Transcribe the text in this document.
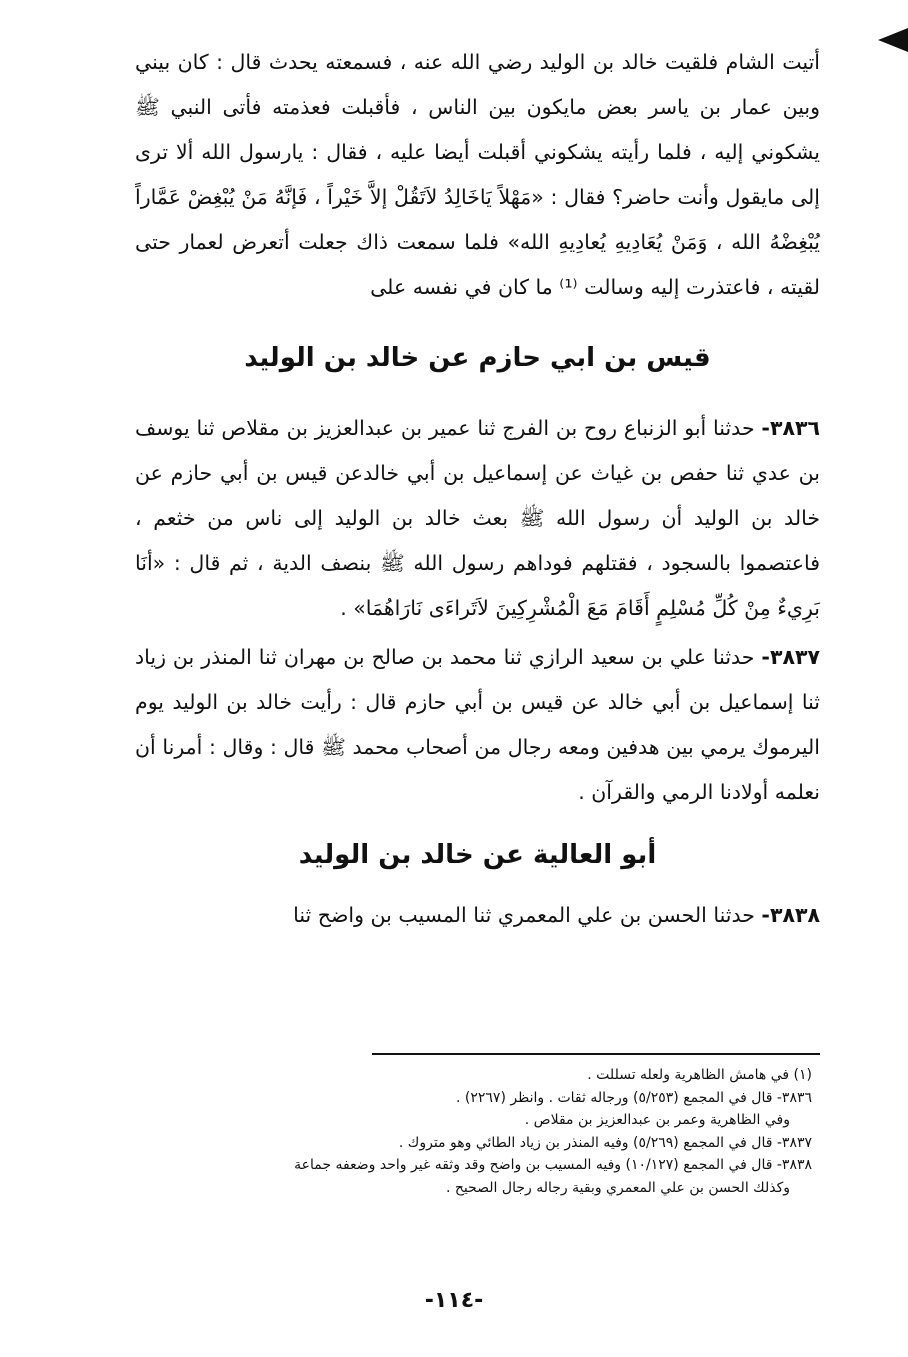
أتيت الشام فلقيت خالد بن الوليد رضي الله عنه ، فسمعته يحدث قال : كان بيني وبين عمار بن ياسر بعض مايكون بين الناس ، فأقبلت فعذمته فأتى النبي ﷺ يشكوني إليه ، فلما رأيته يشكوني أقبلت أيضا عليه ، فقال : يارسول الله ألا ترى إلى مايقول وأنت حاضر؟ فقال : «مَهْلاً يَاخَالِدُ لاَتَقُلْ إلاَّ خَيْراً ، فَإنَّهُ مَنْ يُبْغِضْ عَمَّاراً يُبْغِضْهُ الله ، وَمَنْ يُعَادِيهِ يُعادِيهِ الله» فلما سمعت ذاك جعلت أتعرض لعمار حتى لقيته ، فاعتذرت إليه وسالت ⁽¹⁾ ما كان في نفسه على

قيس بن ابي حازم عن خالد بن الوليد

٣٨٣٦- حدثنا أبو الزنباع روح بن الفرج ثنا عمير بن عبدالعزيز بن مقلاص ثنا يوسف بن عدي ثنا حفص بن غياث عن إسماعيل بن أبي خالدعن قيس بن أبي حازم عن خالد بن الوليد أن رسول الله ﷺ بعث خالد بن الوليد إلى ناس من خثعم ، فاعتصموا بالسجود ، فقتلهم فوداهم رسول الله ﷺ بنصف الدية ، ثم قال : «أنَا بَرِيءٌ مِنْ كُلِّ مُسْلِمٍ أَقَامَ مَعَ الْمُشْرِكِينَ لاَتَراءَى نَارَاهُمَا» .

٣٨٣٧- حدثنا علي بن سعيد الرازي ثنا محمد بن صالح بن مهران ثنا المنذر بن زياد ثنا إسماعيل بن أبي خالد عن قيس بن أبي حازم قال : رأيت خالد بن الوليد يوم اليرموك يرمي بين هدفين ومعه رجال من أصحاب محمد ﷺ قال : وقال : أمرنا أن نعلمه أولادنا الرمي والقرآن .

أبو العالية عن خالد بن الوليد

٣٨٣٨- حدثنا الحسن بن علي المعمري ثنا المسيب بن واضح ثنا

(١) في هامش الظاهرية ولعله تسللت .
٣٨٣٦- قال في المجمع (٥/٢٥٣) ورجاله ثقات . وانظر (٢٢٦٧) .
وفي الظاهرية وعمر بن عبدالعزيز بن مقلاص .
٣٨٣٧- قال في المجمع (٥/٢٦٩) وفيه المنذر بن زياد الطائي وهو متروك .
٣٨٣٨- قال في المجمع (١٠/١٢٧) وفيه المسيب بن واضح وقد وثقه غير واحد وضعفه جماعة
وكذلك الحسن بن علي المعمري وبقية رجاله رجال الصحيح .
-١١٤-
